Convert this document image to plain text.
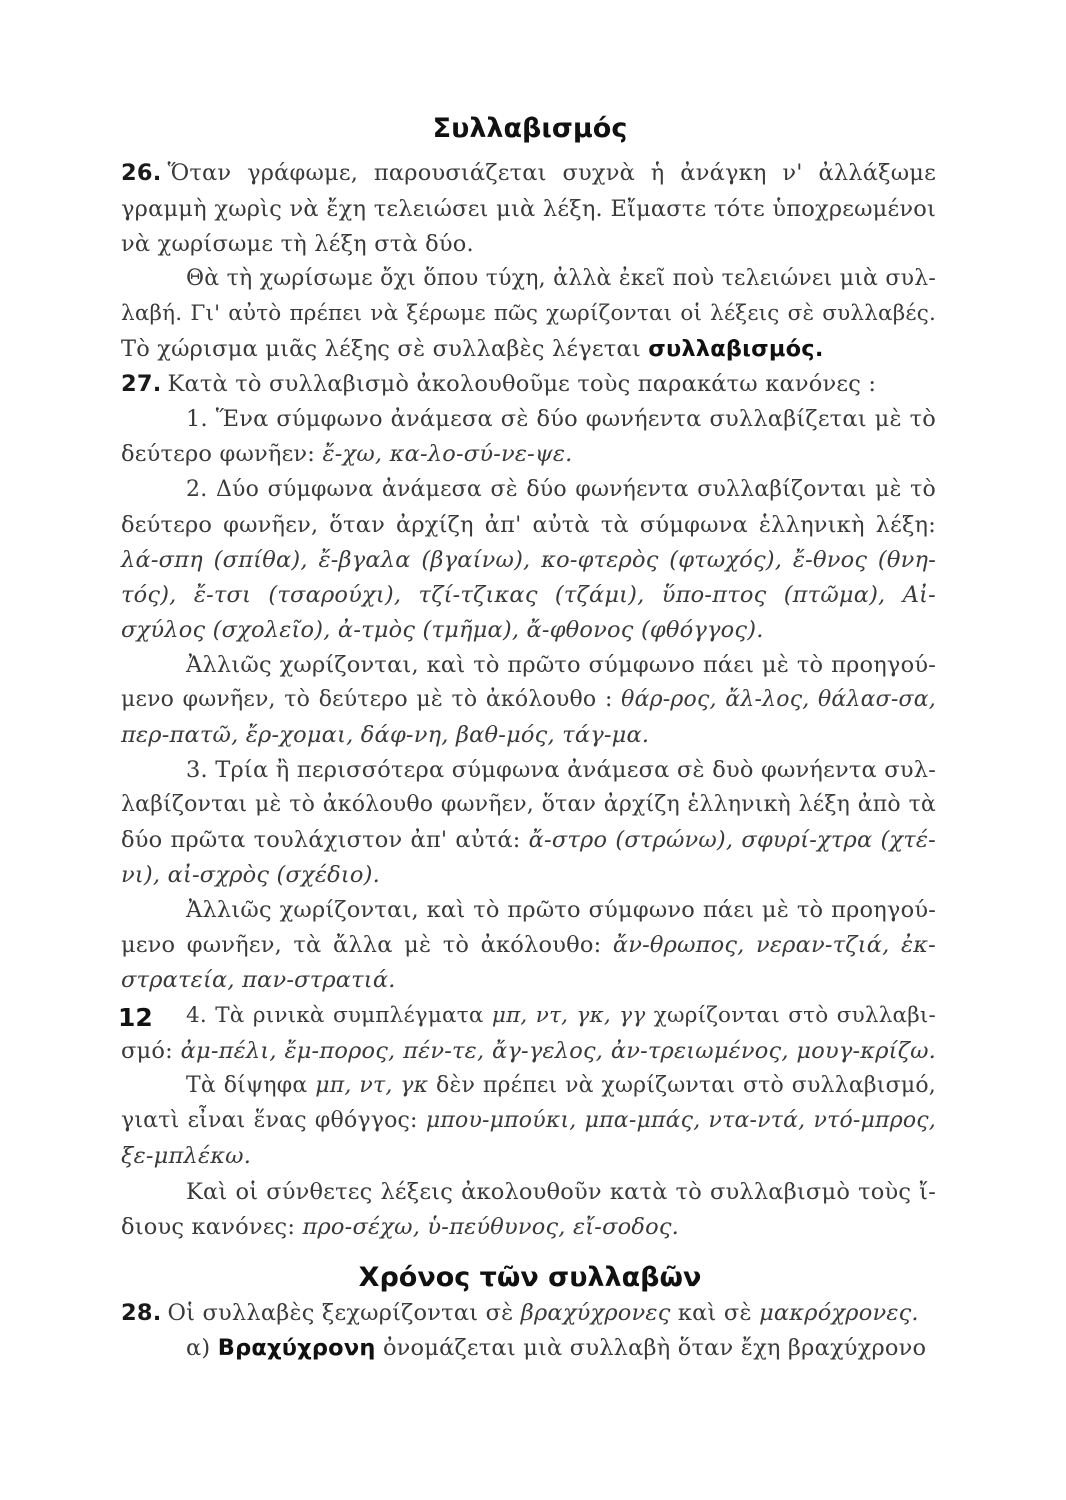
Συλλαβισμός
26. Ὅταν γράφωμε, παρουσιάζεται συχνὰ ἡ ἀνάγκη ν' ἀλλάξωμε
γραμμὴ χωρὶς νὰ ἔχη τελειώσει μιὰ λέξη. Εἴμαστε τότε ὑποχρεωμένοι
νὰ χωρίσωμε τὴ λέξη στὰ δύο.
Θὰ τὴ χωρίσωμε ὄχι ὅπου τύχη, ἀλλὰ ἐκεῖ ποὺ τελειώνει μιὰ συλ-
λαβή. Γι' αὐτὸ πρέπει νὰ ξέρωμε πῶς χωρίζονται οἱ λέξεις σὲ συλλαβές.
Τὸ χώρισμα μιᾶς λέξης σὲ συλλαβὲς λέγεται συλλαβισμός.
27. Κατὰ τὸ συλλαβισμὸ ἀκολουθοῦμε τοὺς παρακάτω κανόνες :
1. Ἕνα σύμφωνο ἀνάμεσα σὲ δύο φωνήεντα συλλαβίζεται μὲ τὸ
δεύτερο φωνῆεν: ἔ-χω, κα-λο-σύ-νε-ψε.
2. Δύο σύμφωνα ἀνάμεσα σὲ δύο φωνήεντα συλλαβίζονται μὲ τὸ
δεύτερο φωνῆεν, ὅταν ἀρχίζη ἀπ' αὐτὰ τὰ σύμφωνα ἑλληνικὴ λέξη:
λά-σπη (σπίθα), ἔ-βγαλα (βγαίνω), κο-φτερὸς (φτωχός), ἔ-θνος (θνη-
τός), ἔ-τσι (τσαρούχι), τζί-τζικας (τζάμι), ὕπο-πτος (πτῶμα), Αἰ-
σχύλος (σχολεῖο), ἀ-τμὸς (τμῆμα), ἄ-φθονος (φθόγγος).
Ἀλλιῶς χωρίζονται, καὶ τὸ πρῶτο σύμφωνο πάει μὲ τὸ προηγού-
μενο φωνῆεν, τὸ δεύτερο μὲ τὸ ἀκόλουθο : θάρ-ρος, ἄλ-λος, θάλασ-σα,
περ-πατῶ, ἔρ-χομαι, δάφ-νη, βαθ-μός, τάγ-μα.
3. Τρία ἢ περισσότερα σύμφωνα ἀνάμεσα σὲ δυὸ φωνήεντα συλ-
λαβίζονται μὲ τὸ ἀκόλουθο φωνῆεν, ὅταν ἀρχίζη ἑλληνικὴ λέξη ἀπὸ τὰ
δύο πρῶτα τουλάχιστον ἀπ' αὐτά: ἄ-στρο (στρώνω), σφυρί-χτρα (χτέ-
νι), αἰ-σχρὸς (σχέδιο).
Ἀλλιῶς χωρίζονται, καὶ τὸ πρῶτο σύμφωνο πάει μὲ τὸ προηγού-
μενο φωνῆεν, τὰ ἄλλα μὲ τὸ ἀκόλουθο: ἄν-θρωπος, νεραν-τζιά, ἐκ-
στρατεία, παν-στρατιά.
4. Τὰ ρινικὰ συμπλέγματα μπ, ντ, γκ, γγ χωρίζονται στὸ συλλαβι-
σμό: ἀμ-πέλι, ἔμ-πορος, πέν-τε, ἄγ-γελος, ἀν-τρειωμένος, μουγ-κρίζω.
Τὰ δίψηφα μπ, ντ, γκ δὲν πρέπει νὰ χωρίζωνται στὸ συλλαβισμό,
γιατὶ εἶναι ἕνας φθόγγος: μπου-μπούκι, μπα-μπάς, ντα-ντά, ντό-μπρος,
ξε-μπλέκω.
Καὶ οἱ σύνθετες λέξεις ἀκολουθοῦν κατὰ τὸ συλλαβισμὸ τοὺς ἴ-
διους κανόνες: προ-σέχω, ὑ-πεύθυνος, εἴ-σοδος.
Χρόνος τῶν συλλαβῶν
28. Οἱ συλλαβὲς ξεχωρίζονται σὲ βραχύχρονες καὶ σὲ μακρόχρονες.
α) Βραχύχρονη ὀνομάζεται μιὰ συλλαβὴ ὅταν ἔχη βραχύχρονο
12
